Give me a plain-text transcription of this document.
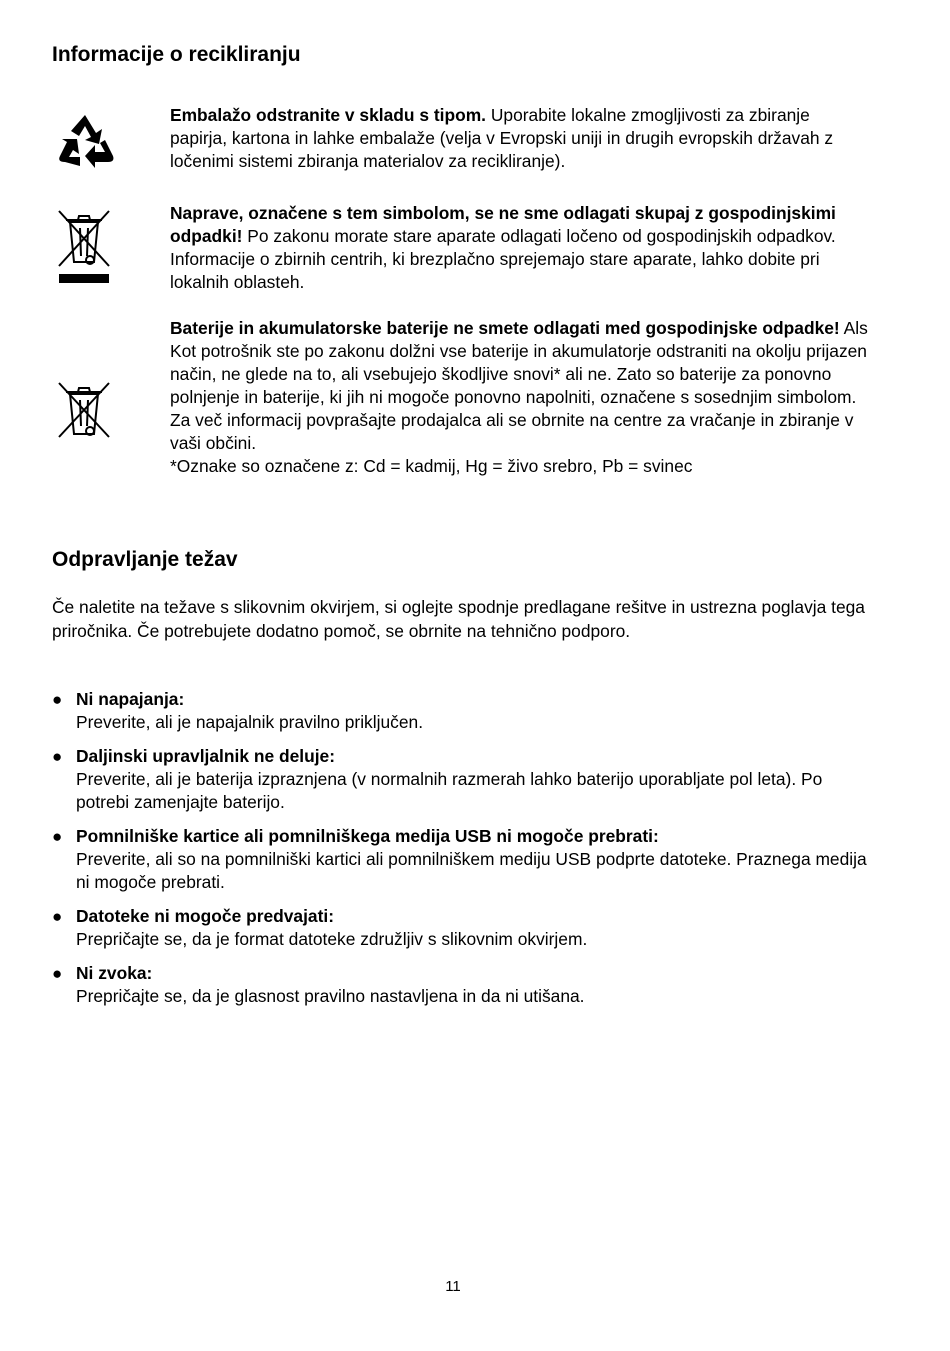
Informacije o recikliranju

Embalažo odstranite v skladu s tipom. Uporabite lokalne zmogljivosti za zbiranje papirja, kartona in lahke embalaže (velja v Evropski uniji in drugih evropskih državah z ločenimi sistemi zbiranja materialov za recikliranje).

Naprave, označene s tem simbolom, se ne sme odlagati skupaj z gospodinjskimi odpadki! Po zakonu morate stare aparate odlagati ločeno od gospodinjskih odpadkov. Informacije o zbirnih centrih, ki brezplačno sprejemajo stare aparate, lahko dobite pri lokalnih oblasteh.

Baterije in akumulatorske baterije ne smete odlagati med gospodinjske odpadke! Als Kot potrošnik ste po zakonu dolžni vse baterije in akumulatorje odstraniti na okolju prijazen način, ne glede na to, ali vsebujejo škodljive snovi* ali ne. Zato so baterije za ponovno polnjenje in baterije, ki jih ni mogoče ponovno napolniti, označene s sosednjim simbolom. Za več informacij povprašajte prodajalca ali se obrnite na centre za vračanje in zbiranje v vaši občini.
*Oznake so označene z: Cd = kadmij, Hg = živo srebro, Pb = svinec

Odpravljanje težav

Če naletite na težave s slikovnim okvirjem, si oglejte spodnje predlagane rešitve in ustrezna poglavja tega priročnika. Če potrebujete dodatno pomoč, se obrnite na tehnično podporo.

● Ni napajanja:
Preverite, ali je napajalnik pravilno priključen.
● Daljinski upravljalnik ne deluje:
Preverite, ali je baterija izpraznjena (v normalnih razmerah lahko baterijo uporabljate pol leta). Po potrebi zamenjajte baterijo.
● Pomnilniške kartice ali pomnilniškega medija USB ni mogoče prebrati:
Preverite, ali so na pomnilniški kartici ali pomnilniškem mediju USB podprte datoteke. Praznega medija ni mogoče prebrati.
● Datoteke ni mogoče predvajati:
Prepričajte se, da je format datoteke združljiv s slikovnim okvirjem.
● Ni zvoka:
Prepričajte se, da je glasnost pravilno nastavljena in da ni utišana.
11
